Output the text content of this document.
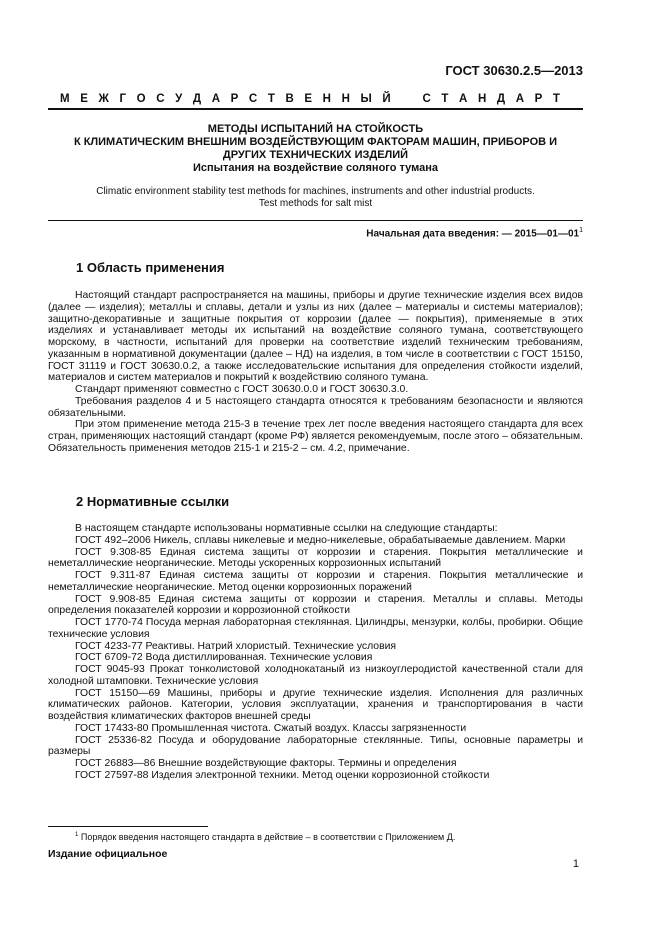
ГОСТ 30630.2.5—2013
М Е Ж Г О С У Д А Р С Т В Е Н Н Ы Й	С Т А Н Д А Р Т
МЕТОДЫ ИСПЫТАНИЙ НА СТОЙКОСТЬ
К КЛИМАТИЧЕСКИМ ВНЕШНИМ ВОЗДЕЙСТВУЮЩИМ ФАКТОРАМ МАШИН, ПРИБОРОВ И
ДРУГИХ ТЕХНИЧЕСКИХ ИЗДЕЛИЙ
Испытания на воздействие соляного тумана
Climatic environment stability test methods for machines, instruments and other industrial products.
Test methods for salt mist
Начальная дата введения: — $2015—01—01^1$
1 Область применения

Настоящий стандарт распространяется на машины, приборы и другие технические изделия всех видов (далее — изделия); металлы и сплавы, детали и узлы из них (далее – материалы и системы материалов); защитно-декоративные и защитные покрытия от коррозии (далее — покрытия), применяемые в этих изделиях и устанавливает методы их испытаний на воздействие соляного тумана, соответствующего морскому, в частности, испытаний для проверки на соответствие изделий техническим требованиям, указанным в нормативной документации (далее – НД) на изделия, в том числе в соответствии с ГОСТ 15150, ГОСТ 31119 и ГОСТ 30630.0.2, а также исследовательские испытания для определения стойкости изделий, материалов и систем материалов и покрытий к воздействию соляного тумана.

Стандарт применяют совместно с ГОСТ 30630.0.0 и ГОСТ 30630.3.0.

Требования разделов 4 и 5 настоящего стандарта относятся к требованиям безопасности и являются обязательными.

При этом применение метода 215-3 в течение трех лет после введения настоящего стандарта для всех стран, применяющих настоящий стандарт (кроме РФ) является рекомендуемым, после этого – обязательным. Обязательность применения методов 215-1 и 215-2 – см. 4.2, примечание.

2 Нормативные ссылки

В настоящем стандарте использованы нормативные ссылки на следующие стандарты:

ГОСТ 492–2006 Никель, сплавы никелевые и медно-никелевые, обрабатываемые давлением. Марки

ГОСТ 9.308-85 Единая система защиты от коррозии и старения. Покрытия металлические и неметаллические неорганические. Методы ускоренных коррозионных испытаний

ГОСТ 9.311-87 Единая система защиты от коррозии и старения. Покрытия металлические и неметаллические неорганические. Метод оценки коррозионных поражений

ГОСТ 9.908-85 Единая система защиты от коррозии и старения. Металлы и сплавы. Методы определения показателей коррозии и коррозионной стойкости

ГОСТ 1770-74 Посуда мерная лабораторная стеклянная. Цилиндры, мензурки, колбы, пробирки. Общие технические условия

ГОСТ 4233-77 Реактивы. Натрий хлористый. Технические условия

ГОСТ 6709-72 Вода дистиллированная. Технические условия

ГОСТ 9045-93 Прокат тонколистовой холоднокатаный из низкоуглеродистой качественной стали для холодной штамповки. Технические условия

ГОСТ 15150—69 Машины, приборы и другие технические изделия. Исполнения для различных климатических районов. Категории, условия эксплуатации, хранения и транспортирования в части воздействия климатических факторов внешней среды

ГОСТ 17433-80 Промышленная чистота. Сжатый воздух. Классы загрязненности

ГОСТ 25336-82 Посуда и оборудование лабораторные стеклянные. Типы, основные параметры и размеры

ГОСТ 26883—86 Внешние воздействующие факторы. Термины и определения

ГОСТ 27597-88 Изделия электронной техники. Метод оценки коррозионной стойкости

$^1$ Порядок введения настоящего стандарта в действие – в соответствии с Приложением Д.
Издание официальное
1
